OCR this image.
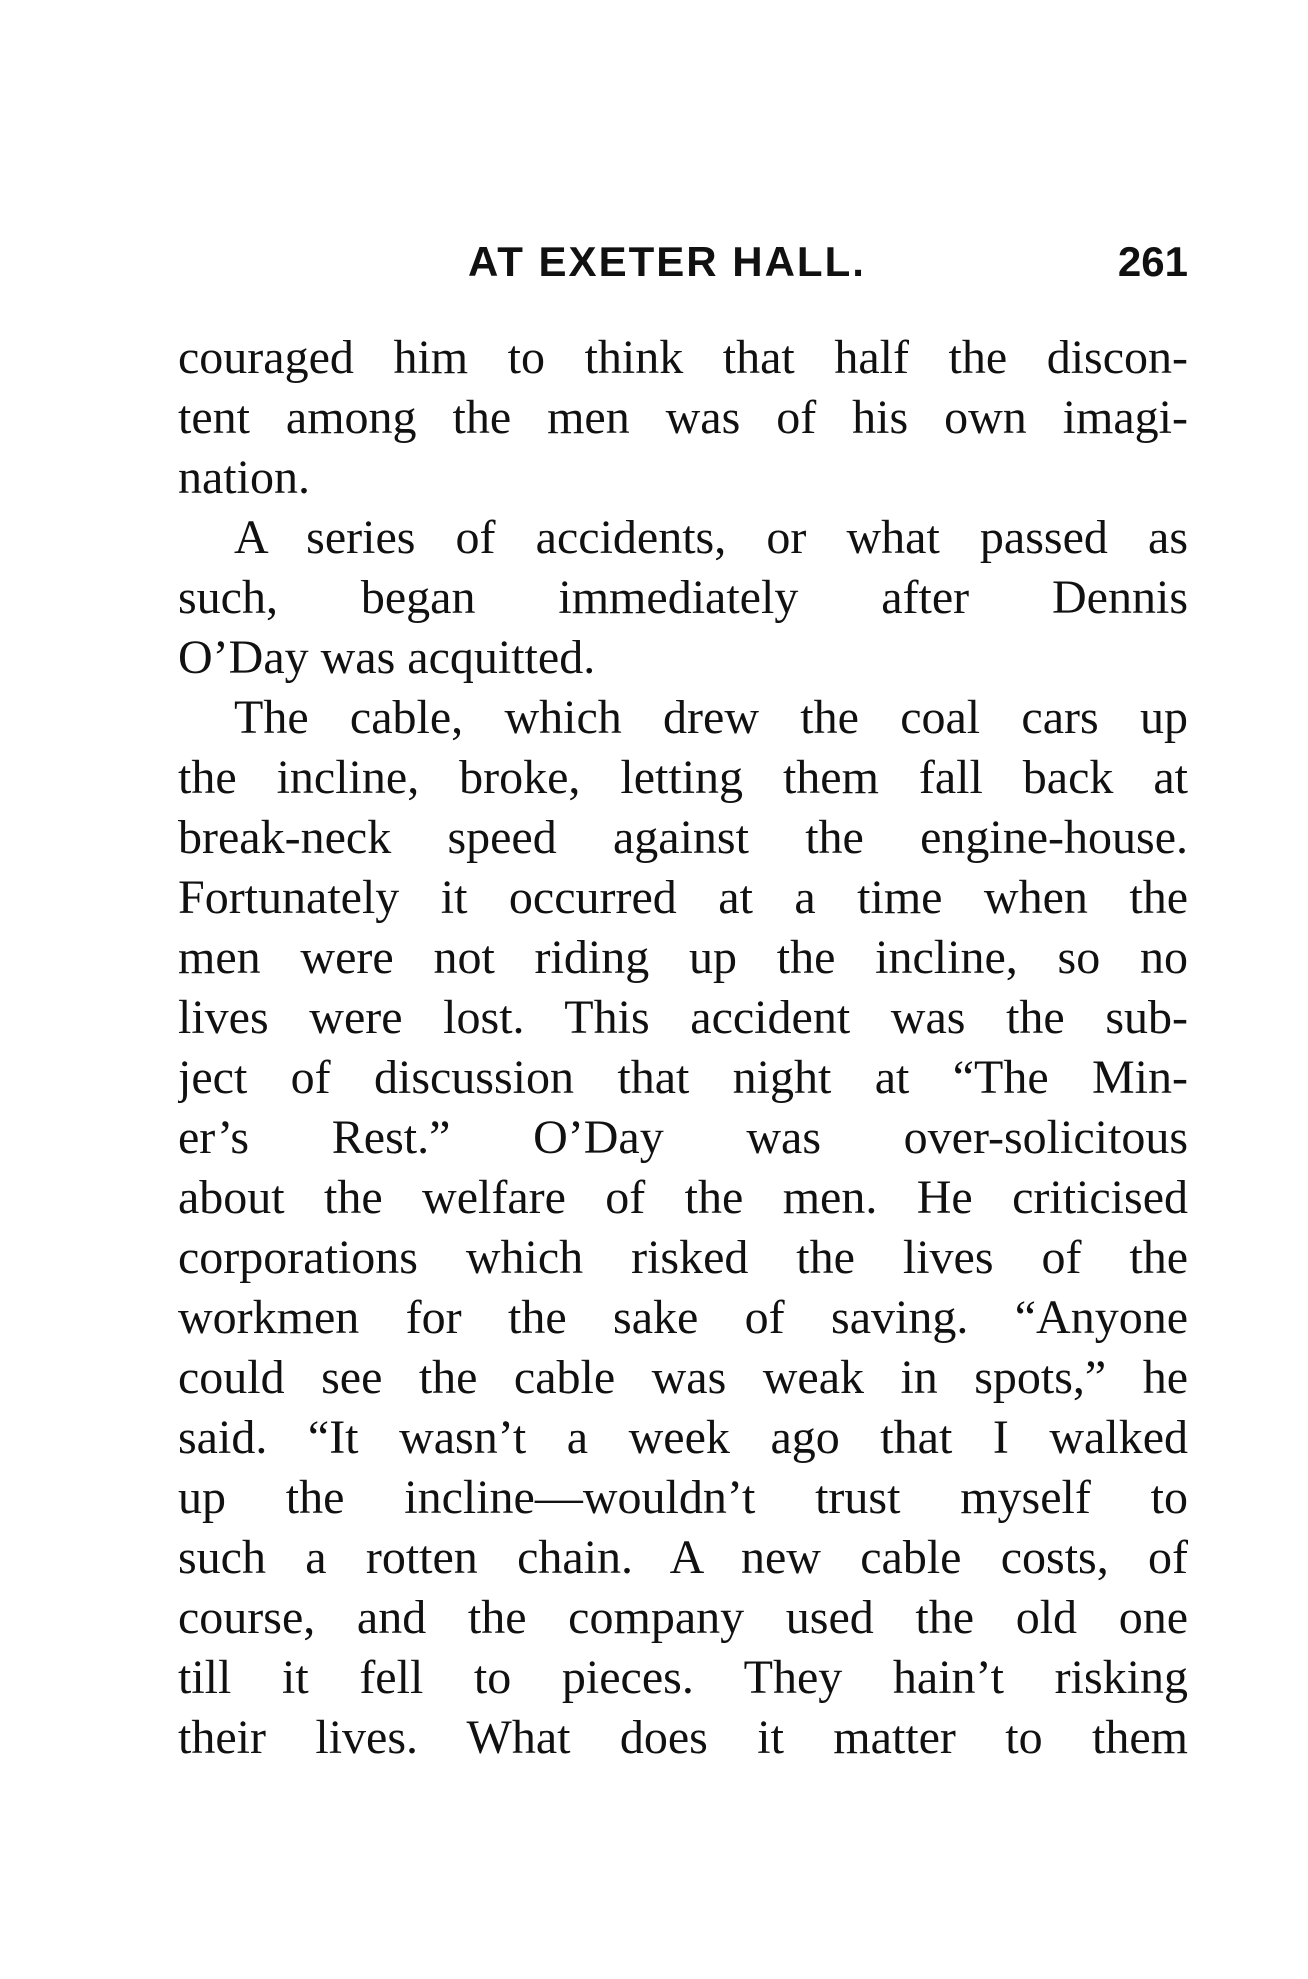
AT EXETER HALL.	261
couraged him to think that half the discon-
tent among the men was of his own imagi-
nation.
A series of accidents, or what passed as
such, began immediately after Dennis
O’Day was acquitted.
The cable, which drew the coal cars up
the incline, broke, letting them fall back at
break-neck speed against the engine-house.
Fortunately it occurred at a time when the
men were not riding up the incline, so no
lives were lost. This accident was the sub-
ject of discussion that night at “The Min-
er’s Rest.” O’Day was over-solicitous
about the welfare of the men. He criticised
corporations which risked the lives of the
workmen for the sake of saving. “Anyone
could see the cable was weak in spots,” he
said. “It wasn’t a week ago that I walked
up the incline—wouldn’t trust myself to
such a rotten chain. A new cable costs, of
course, and the company used the old one
till it fell to pieces. They hain’t risking
their lives. What does it matter to them
